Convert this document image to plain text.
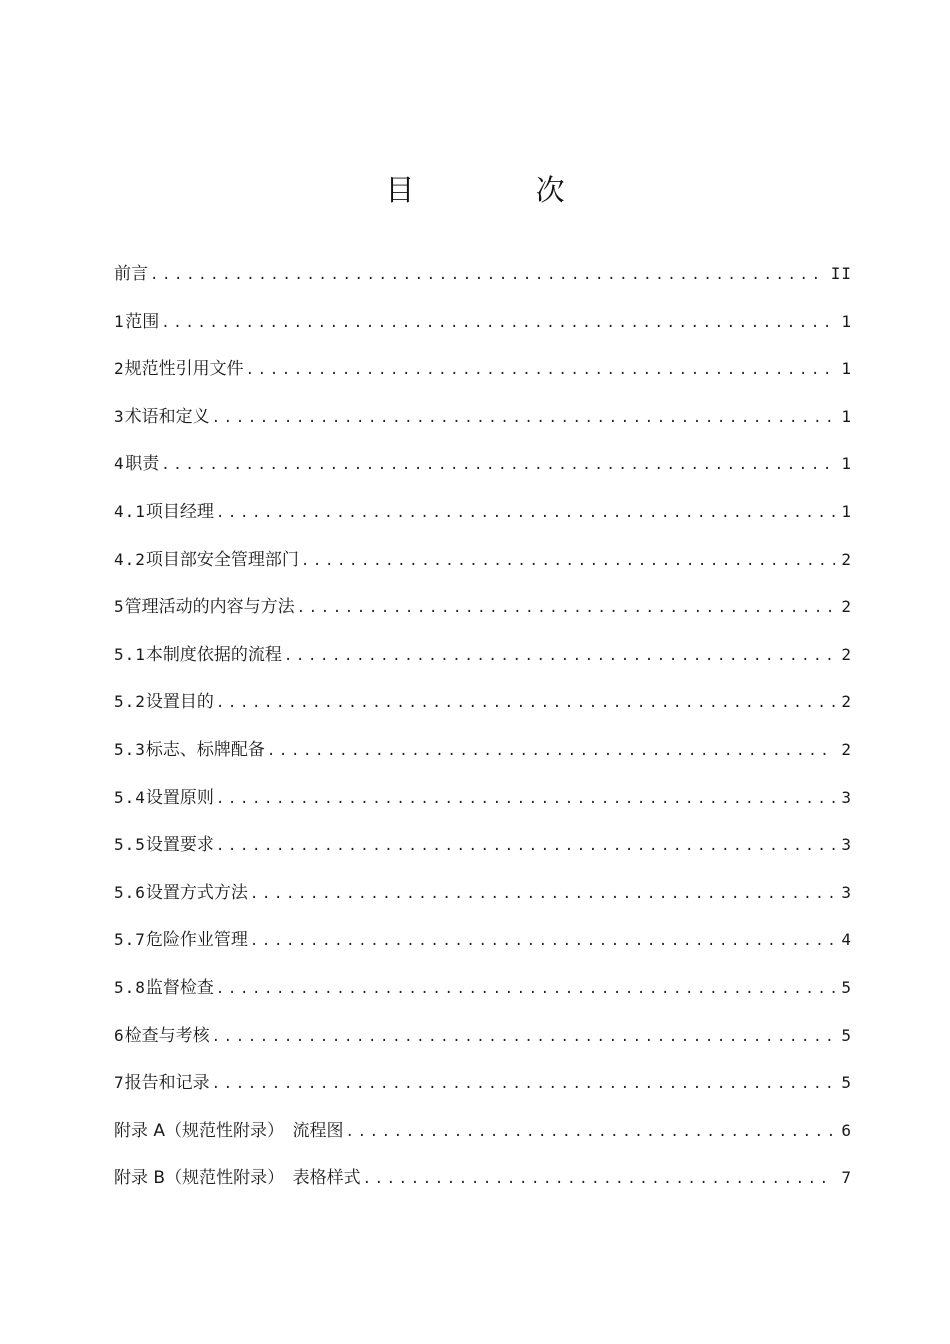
目 次
前言 .....	II
1 范围 .....	1
2 规范性引用文件 .....	1
3 术语和定义 .....	1
4 职责 .....	1
4.1 项目经理 .....	1
4.2 项目部安全管理部门 .....	2
5 管理活动的内容与方法 .....	2
5.1 本制度依据的流程 .....	2
5.2 设置目的 .....	2
5.3 标志、标牌配备 .....	2
5.4 设置原则 .....	3
5.5 设置要求 .....	3
5.6 设置方式方法 .....	3
5.7 危险作业管理 .....	4
5.8 监督检查 .....	5
6 检查与考核 .....	5
7 报告和记录 .....	5
附录 A（规范性附录）　流程图 .....	6
附录 B（规范性附录）　表格样式 .....	7
